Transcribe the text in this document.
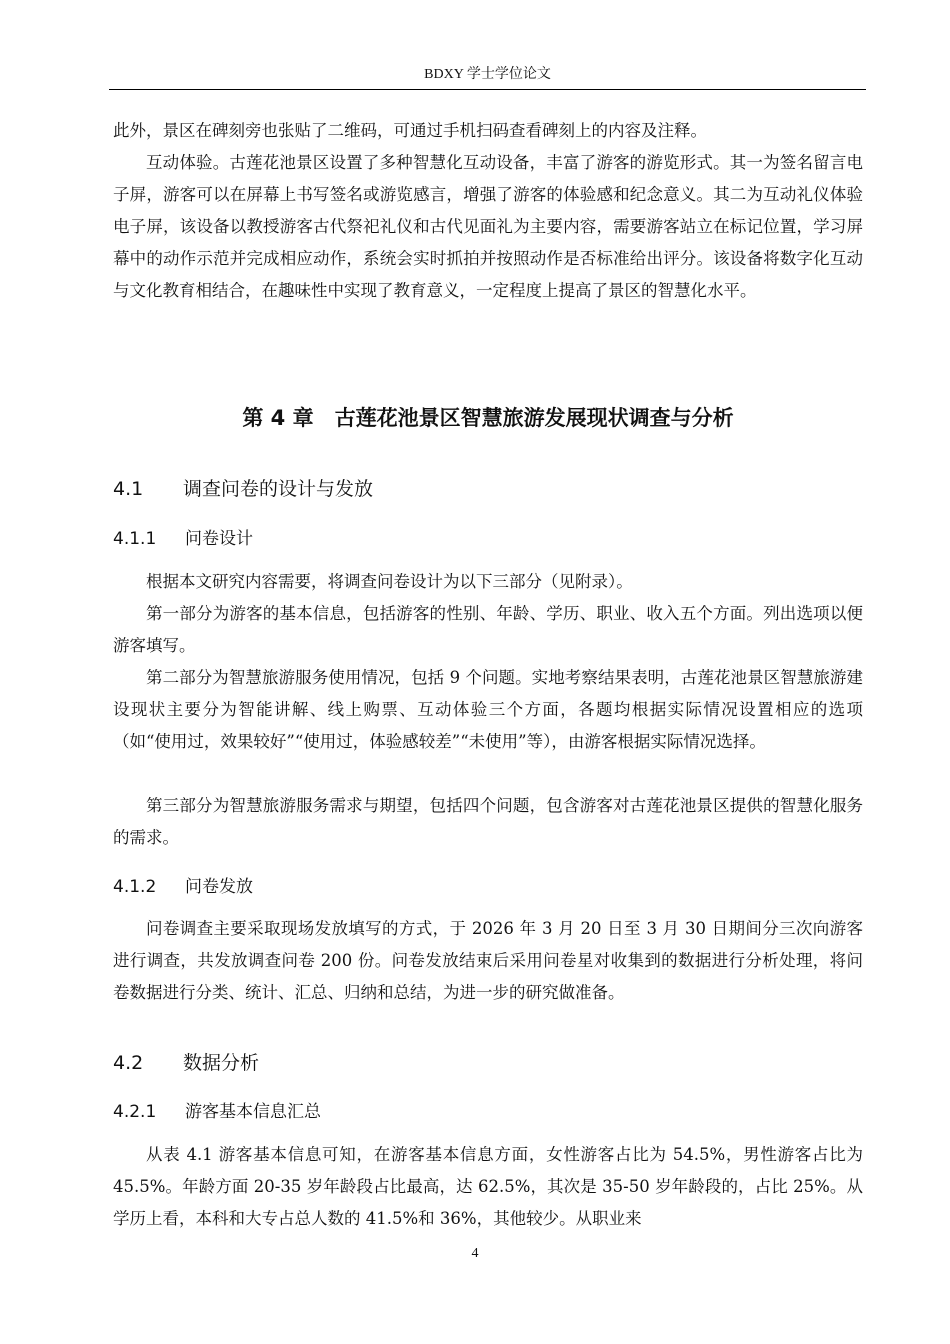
BDXY 学士学位论文

此外，景区在碑刻旁也张贴了二维码，可通过手机扫码查看碑刻上的内容及注释。

互动体验。古莲花池景区设置了多种智慧化互动设备，丰富了游客的游览形式。其一为签名留言电子屏，游客可以在屏幕上书写签名或游览感言，增强了游客的体验感和纪念意义。其二为互动礼仪体验电子屏，该设备以教授游客古代祭祀礼仪和古代见面礼为主要内容，需要游客站立在标记位置，学习屏幕中的动作示范并完成相应动作，系统会实时抓拍并按照动作是否标准给出评分。该设备将数字化互动与文化教育相结合，在趣味性中实现了教育意义，一定程度上提高了景区的智慧化水平。

第 4 章　古莲花池景区智慧旅游发展现状调查与分析
4.1 调查问卷的设计与发放
4.1.1 问卷设计

根据本文研究内容需要，将调查问卷设计为以下三部分（见附录）。

第一部分为游客的基本信息，包括游客的性别、年龄、学历、职业、收入五个方面。列出选项以便游客填写。

第二部分为智慧旅游服务使用情况，包括 9 个问题。实地考察结果表明，古莲花池景区智慧旅游建设现状主要分为智能讲解、线上购票、互动体验三个方面，各题均根据实际情况设置相应的选项（如“使用过，效果较好”“使用过，体验感较差”“未使用”等），由游客根据实际情况选择。

第三部分为智慧旅游服务需求与期望，包括四个问题，包含游客对古莲花池景区提供的智慧化服务的需求。

4.1.2 问卷发放

问卷调查主要采取现场发放填写的方式，于 2026 年 3 月 20 日至 3 月 30 日期间分三次向游客进行调查，共发放调查问卷 200 份。问卷发放结束后采用问卷星对收集到的数据进行分析处理，将问卷数据进行分类、统计、汇总、归纳和总结，为进一步的研究做准备。

4.2 数据分析
4.2.1 游客基本信息汇总

从表 4.1 游客基本信息可知，在游客基本信息方面，女性游客占比为 54.5%，男性游客占比为 45.5%。年龄方面 20-35 岁年龄段占比最高，达 62.5%，其次是 35-50 岁年龄段的，占比 25%。从学历上看，本科和大专占总人数的 41.5%和 36%，其他较少。从职业来

4
